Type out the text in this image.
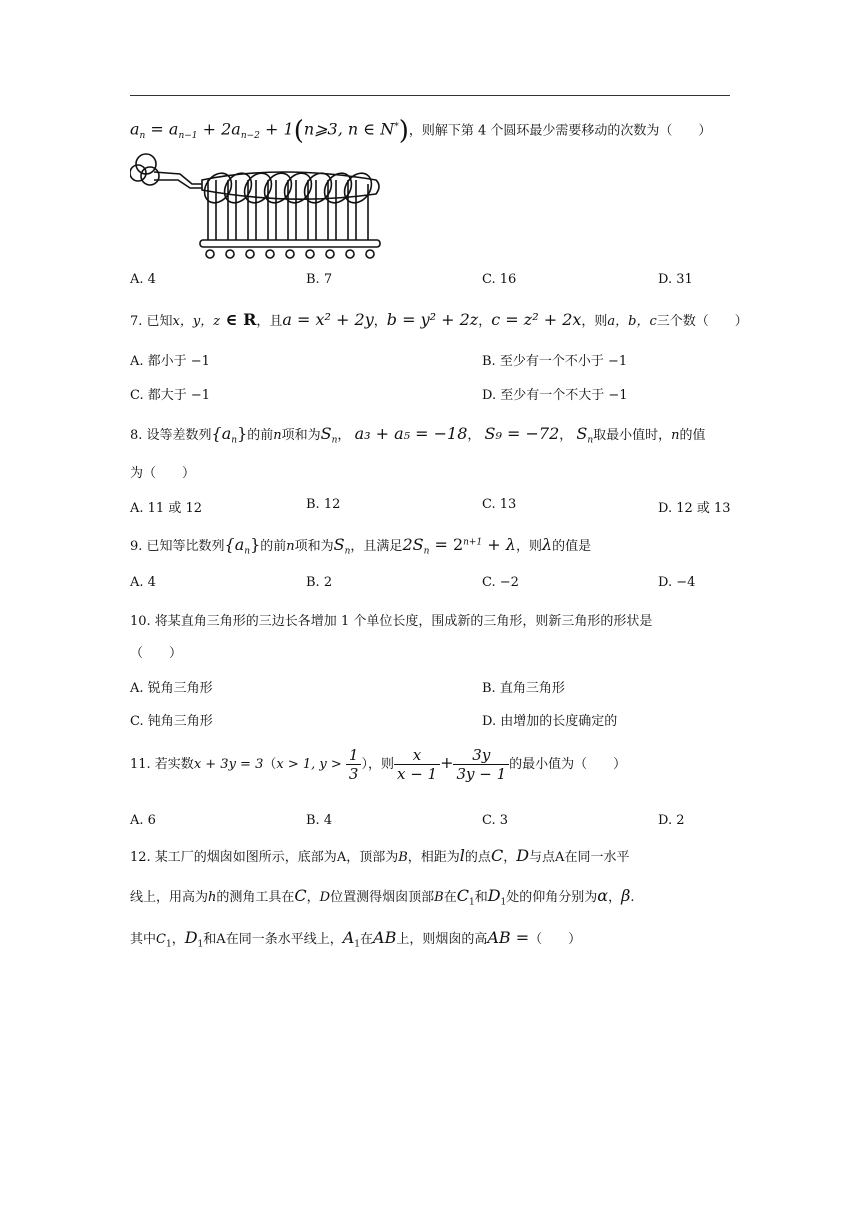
$a_n = a_{n-1} + 2a_{n-2}$ + 1(n⩾3, n ∈ N*)，则解下第 4 个圆环最少需要移动的次数为（　　）
A. 4	B. 7	C. 16	D. 31
7. 已知x，y，z ∈ R，且a = x² + 2y，b = y² + 2z，c = z² + 2x，则a，b，c三个数（　　）
A. 都小于 −1	B. 至少有一个不小于 −1
C. 都大于 −1	D. 至少有一个不大于 −1
8. 设等差数列$\{a_n\}$的前n项和为$S_n$， a₃ + a₅ = −18， S₉ = −72， $S_n$取最小值时，n的值
为（　　）
A. 11 或 12	B. 12	C. 13	D. 12 或 13
9. 已知等比数列$\{a_n\}$的前n项和为$S_n$，且满足$2S_n = 2^{n+1} + \lambda$，则λ的值是
A. 4	B. 2	C. −2	D. −4
10. 将某直角三角形的三边长各增加 1 个单位长度，围成新的三角形，则新三角形的形状是
（　　）
A. 锐角三角形	B. 直角三角形
C. 钝角三角形	D. 由增加的长度确定的
11. 若实数x + 3y = 3（x > 1, $y > \frac{1}{3}$ ），则 $\frac{x}{x - 1} + \frac{3y}{3y - 1}$ 的最小值为（　　）
A. 6	B. 4	C. 3	D. 2
12. 某工厂的烟囱如图所示，底部为A，顶部为B，相距为l的点C，D与点A在同一水平
线上，用高为h的测角工具在C，D位置测得烟囱顶部B在$C_1$和$D_1$处的仰角分别为α，β.
其中$C_1$，$D_1$和A在同一条水平线上，$A_1$在AB上，则烟囱的高AB =（　　）
